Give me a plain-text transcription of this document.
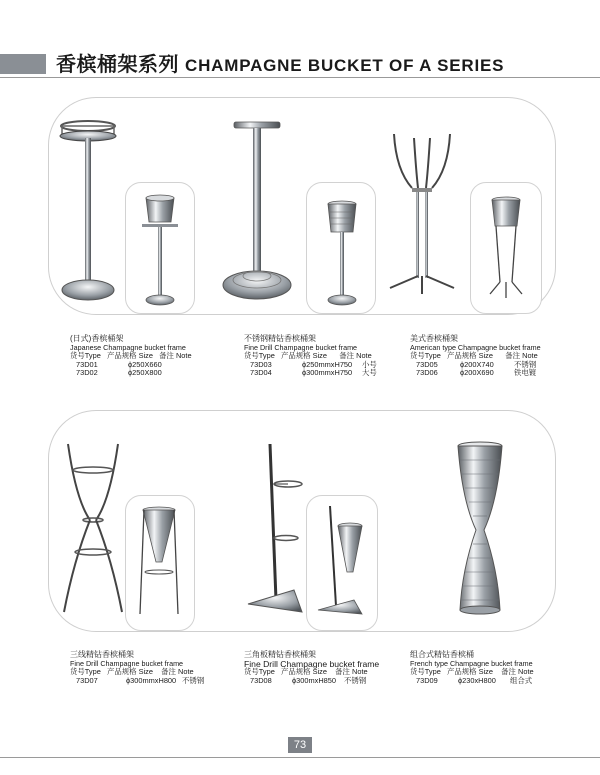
香槟桶架系列 CHAMPAGNE BUCKET OF A SERIES
(日式)香槟桶架
Japanese Champagne bucket frame
货号Type   产品规格 Size   备注 Note
73D01	ϕ250X660
73D02	ϕ250X800
不锈钢精钻香槟桶架
Fine Drill Champagne bucket frame
货号Type   产品规格 Size      备注 Note
73D03	ϕ250mmxH750 小号
73D04	ϕ300mmxH750 大号
美式香槟桶架
American type Champagne bucket frame
货号Type   产品规格 Size      备注 Note
73D05	ϕ200X740	不锈钢
73D06	ϕ200X690	铁电镀
三线精钻香槟桶架
Fine Drill Champagne bucket frame
货号Type   产品规格 Size    备注 Note
73D07	ϕ300mmxH800 不锈钢
三角板精钻香槟桶架
Fine Drill Champagne bucket frame
货号Type   产品规格 Size    备注 Note
73D08	ϕ300mxH850 不锈钢
组合式精钻香槟桶
French type Champagne bucket frame
货号Type   产品规格 Size    备注 Note
73D09	ϕ230xH800 组合式
73
